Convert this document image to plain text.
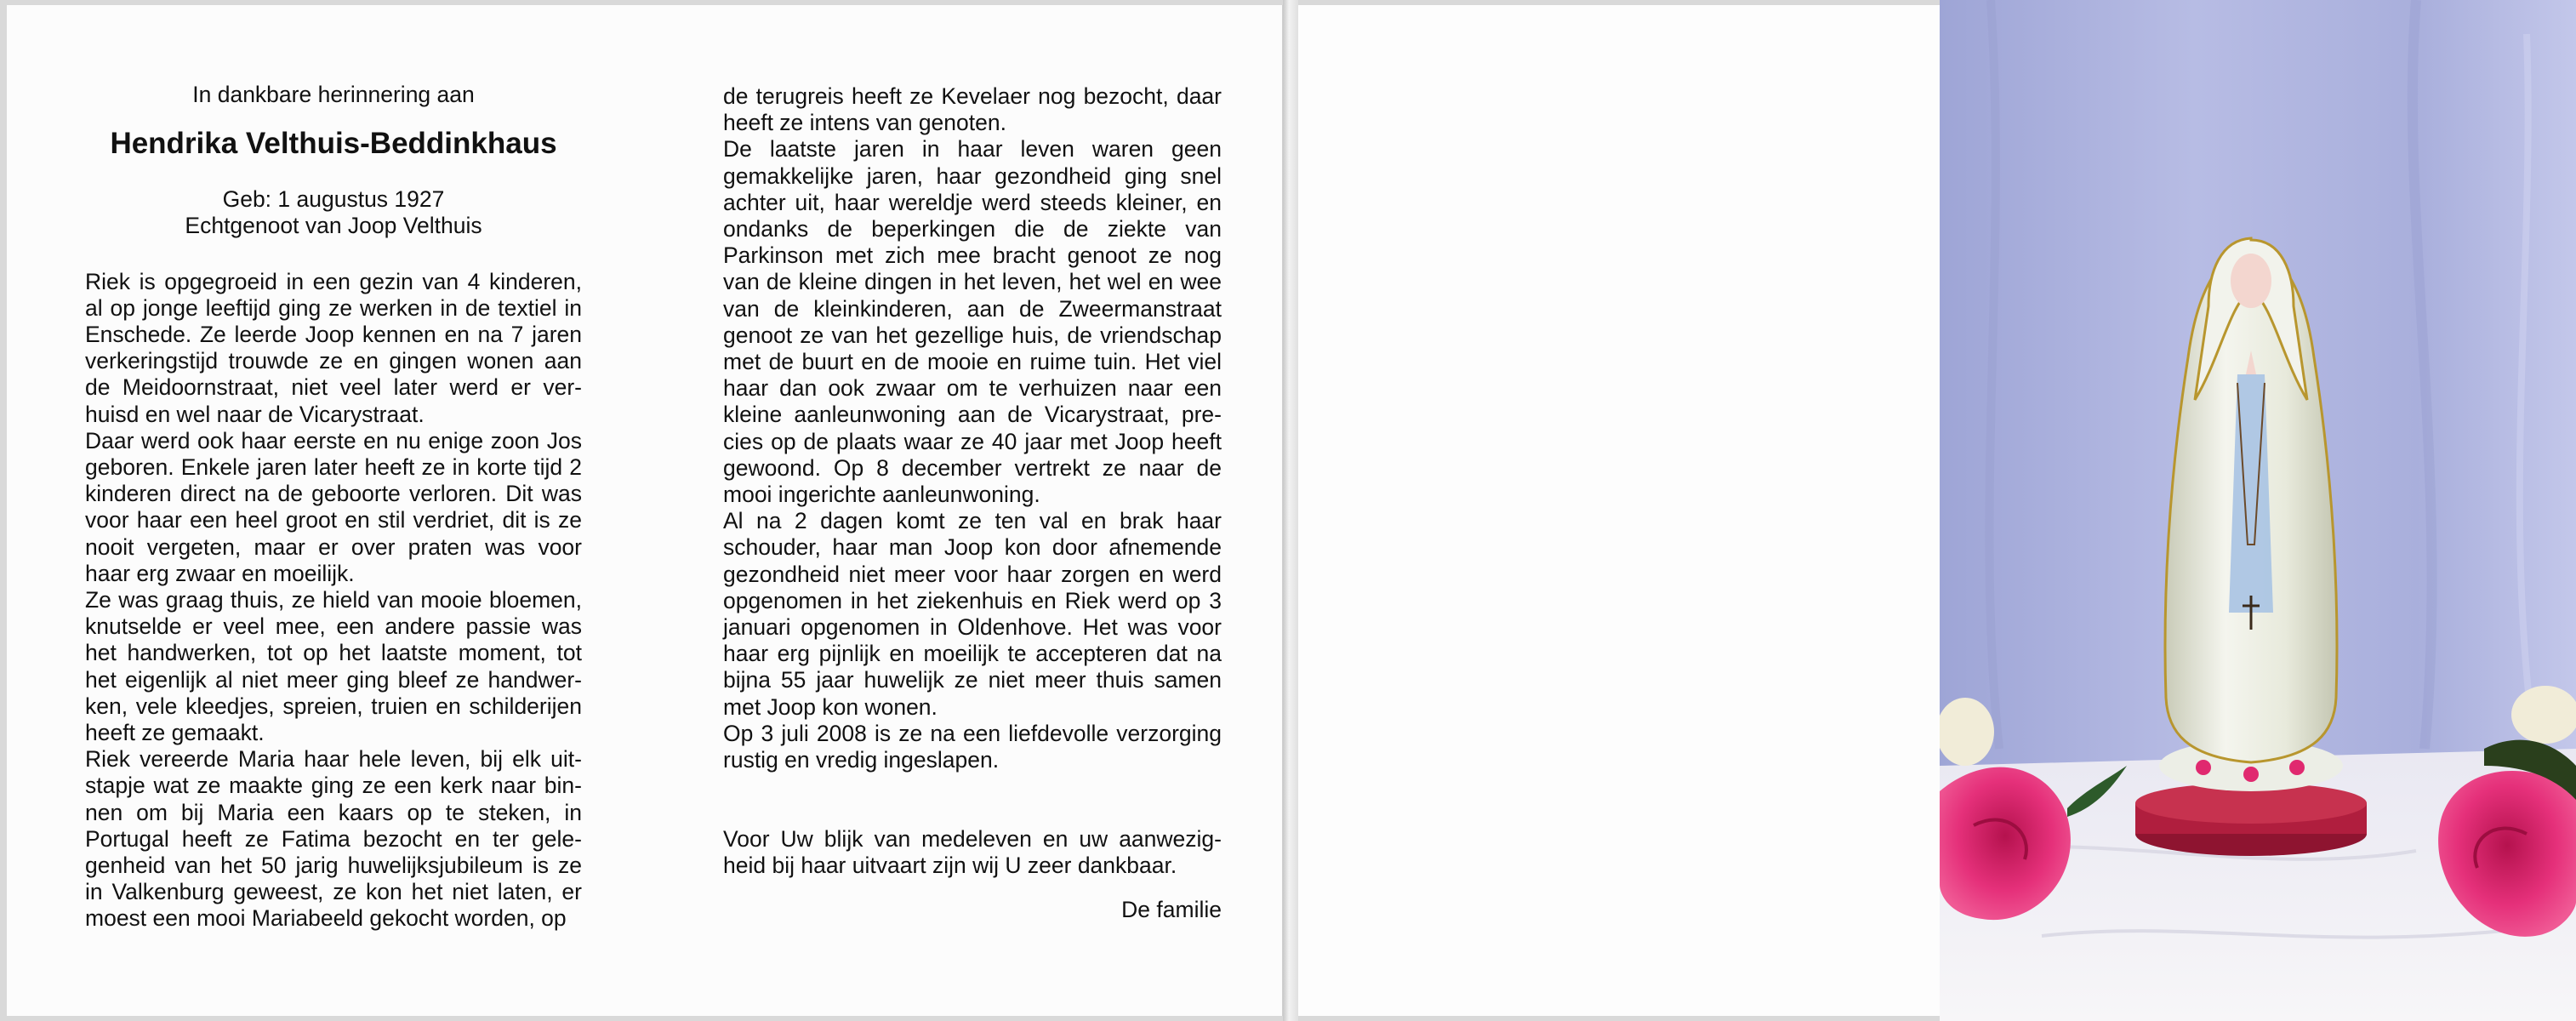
In dankbare herinnering aan

Hendrika Velthuis-Beddinkhaus

Geb: 1 augustus 1927

Echtgenoot van Joop Velthuis

Riek is opgegroeid in een gezin van 4 kinderen, al op jonge leeftijd ging ze werken in de textiel in Enschede. Ze leerde Joop kennen en na 7 jaren verkeringstijd trouwde ze en gingen wonen aan de Meidoornstraat, niet veel later werd er verhuisd en wel naar de Vicarystraat.

Daar werd ook haar eerste en nu enige zoon Jos geboren. Enkele jaren later heeft ze in korte tijd 2 kinderen direct na de geboorte verloren. Dit was voor haar een heel groot en stil verdriet, dit is ze nooit vergeten, maar er over praten was voor haar erg zwaar en moeilijk.

Ze was graag thuis, ze hield van mooie bloemen, knutselde er veel mee, een andere passie was het handwerken, tot op het laatste moment, tot het eigenlijk al niet meer ging bleef ze handwerken, vele kleedjes, spreien, truien en schilderijen heeft ze gemaakt.

Riek vereerde Maria haar hele leven, bij elk uitstapje wat ze maakte ging ze een kerk naar binnen om bij Maria een kaars op te steken, in Portugal heeft ze Fatima bezocht en ter gelegenheid van het 50 jarig huwelijksjubileum is ze in Valkenburg geweest, ze kon het niet laten, er moest een mooi Mariabeeld gekocht worden, op

de terugreis heeft ze Kevelaer nog bezocht, daar heeft ze intens van genoten.

De laatste jaren in haar leven waren geen gemakkelijke jaren, haar gezondheid ging snel achter uit, haar wereldje werd steeds kleiner, en ondanks de beperkingen die de ziekte van Parkinson met zich mee bracht genoot ze nog van de kleine dingen in het leven, het wel en wee van de kleinkinderen, aan de Zweermanstraat genoot ze van het gezellige huis, de vriendschap met de buurt en de mooie en ruime tuin. Het viel haar dan ook zwaar om te verhuizen naar een kleine aanleunwoning aan de Vicarystraat, precies op de plaats waar ze 40 jaar met Joop heeft gewoond. Op 8 december vertrekt ze naar de mooi ingerichte aanleunwoning.

Al na 2 dagen komt ze ten val en brak haar schouder, haar man Joop kon door afnemende gezondheid niet meer voor haar zorgen en werd opgenomen in het ziekenhuis en Riek werd op 3 januari opgenomen in Oldenhove. Het was voor haar erg pijnlijk en moeilijk te accepteren dat na bijna 55 jaar huwelijk ze niet meer thuis samen met Joop kon wonen.

Op 3 juli 2008 is ze na een liefdevolle verzorging rustig en vredig ingeslapen.

Voor Uw blijk van medeleven en uw aanwezigheid bij haar uitvaart zijn wij U zeer dankbaar.

De familie
